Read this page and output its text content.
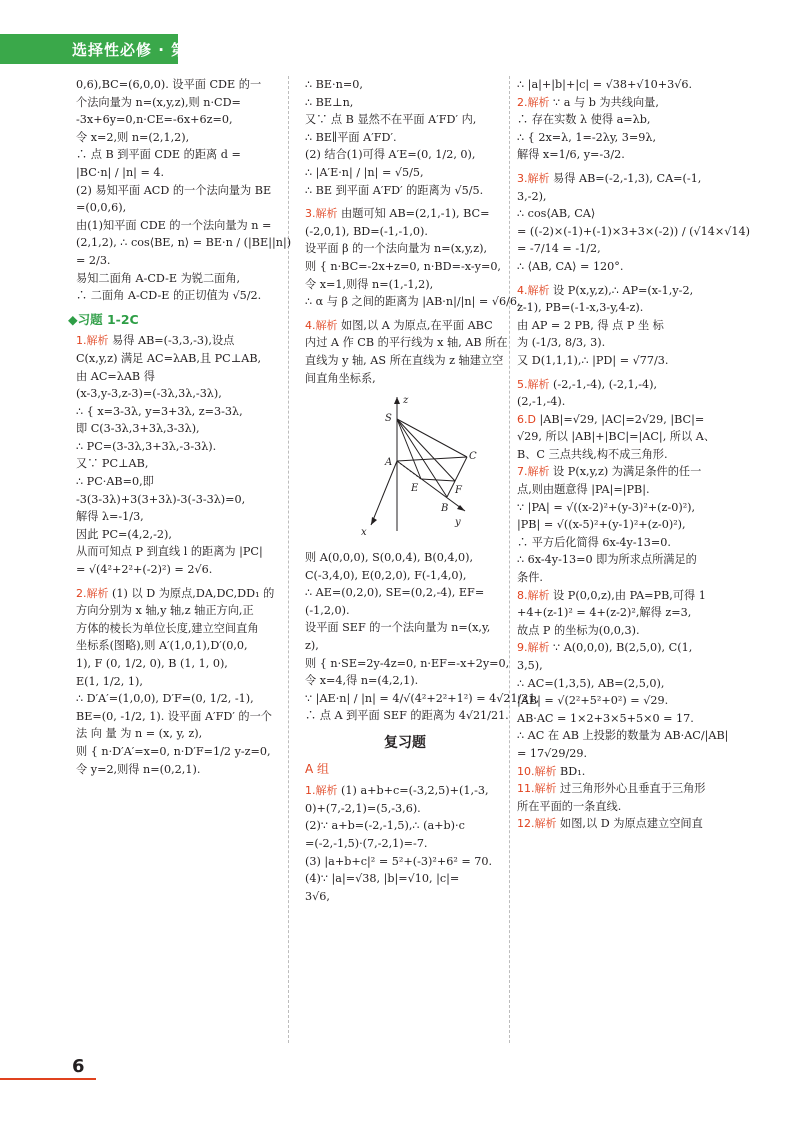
选择性必修 · 第一册
0,6),BC=(6,0,0). 设平面 CDE 的一
个法向量为 n=(x,y,z),则 n·CD=
-3x+6y=0,n·CE=-6x+6z=0,
令 x=2,则 n=(2,1,2),
∴ 点 B 到平面 CDE 的距离 d =
|BC·n| / |n| = 4.
(2) 易知平面 ACD 的一个法向量为 BE
=(0,0,6),
由(1)知平面 CDE 的一个法向量为 n =
(2,1,2), ∴ cos⟨BE, n⟩ = BE·n / (|BE||n|)
= 2/3.
易知二面角 A-CD-E 为锐二面角,
∴ 二面角 A-CD-E 的正切值为 √5/2.
◆习题 1-2C
1.解析 易得 AB=(-3,3,-3),设点
C(x,y,z) 满足 AC=λAB,且 PC⊥AB,
由 AC=λAB 得
(x-3,y-3,z-3)=(-3λ,3λ,-3λ),
∴ { x=3-3λ, y=3+3λ, z=3-3λ,
即 C(3-3λ,3+3λ,3-3λ),
∴ PC=(3-3λ,3+3λ,-3-3λ).
又∵ PC⊥AB,
∴ PC·AB=0,即
-3(3-3λ)+3(3+3λ)-3(-3-3λ)=0,
解得 λ=-1/3,
因此 PC=(4,2,-2),
从而可知点 P 到直线 l 的距离为 |PC|
= √(4²+2²+(-2)²) = 2√6.
2.解析 (1) 以 D 为原点,DA,DC,DD₁ 的
方向分别为 x 轴,y 轴,z 轴正方向,正
方体的棱长为单位长度,建立空间直角
坐标系(图略),则 A′(1,0,1),D′(0,0,
1), F (0, 1/2, 0), B (1, 1, 0),
E(1, 1/2, 1),
∴ D′A′=(1,0,0), D′F=(0, 1/2, -1),
BE=(0, -1/2, 1). 设平面 A′FD′ 的一个
法 向 量 为 n = (x, y, z),
则 { n·D′A′=x=0, n·D′F=1/2 y-z=0,
令 y=2,则得 n=(0,2,1).
∴ BE·n=0,
∴ BE⊥n,
又∵ 点 B 显然不在平面 A′FD′ 内,
∴ BE∥平面 A′FD′.
(2) 结合(1)可得 A′E=(0, 1/2, 0),
∴ |A′E·n| / |n| = √5/5,
∴ BE 到平面 A′FD′ 的距离为 √5/5.
3.解析 由题可知 AB=(2,1,-1), BC=
(-2,0,1), BD=(-1,-1,0).
设平面 β 的一个法向量为 n=(x,y,z),
则 { n·BC=-2x+z=0, n·BD=-x-y=0,
令 x=1,则得 n=(1,-1,2),
∴ α 与 β 之间的距离为 |AB·n|/|n| = √6/6.
4.解析 如图,以 A 为原点,在平面 ABC
内过 A 作 CB 的平行线为 x 轴, AB 所在
直线为 y 轴, AS 所在直线为 z 轴建立空
间直角坐标系,
z
S
A
C
E	F
B
x
y
则 A(0,0,0), S(0,0,4), B(0,4,0),
C(-3,4,0), E(0,2,0), F(-1,4,0),
∴ AE=(0,2,0), SE=(0,2,-4), EF=
(-1,2,0).
设平面 SEF 的一个法向量为 n=(x,y,
z),
则 { n·SE=2y-4z=0, n·EF=-x+2y=0,
令 x=4,得 n=(4,2,1).
∵ |AE·n| / |n| = 4/√(4²+2²+1²) = 4√21/21,
∴ 点 A 到平面 SEF 的距离为 4√21/21.
复习题
A 组
1.解析 (1) a+b+c=(-3,2,5)+(1,-3,
0)+(7,-2,1)=(5,-3,6).
(2)∵ a+b=(-2,-1,5),∴ (a+b)·c
=(-2,-1,5)·(7,-2,1)=-7.
(3) |a+b+c|² = 5²+(-3)²+6² = 70.
(4)∵ |a|=√38, |b|=√10, |c|=
3√6,
∴ |a|+|b|+|c| = √38+√10+3√6.
2.解析 ∵ a 与 b 为共线向量,
∴ 存在实数 λ 使得 a=λb,
∴ { 2x=λ, 1=-2λy, 3=9λ,
解得 x=1/6, y=-3/2.
3.解析 易得 AB=(-2,-1,3), CA=(-1,
3,-2),
∴ cos⟨AB, CA⟩
= ((-2)×(-1)+(-1)×3+3×(-2)) / (√14×√14)
= -7/14 = -1/2,
∴ ⟨AB, CA⟩ = 120°.
4.解析 设 P(x,y,z),∴ AP=(x-1,y-2,
z-1), PB=(-1-x,3-y,4-z).
由 AP = 2 PB, 得 点 P 坐 标
为 (-1/3, 8/3, 3).
又 D(1,1,1),∴ |PD| = √77/3.
5.解析 (-2,-1,-4), (-2,1,-4),
(2,-1,-4).
6.D |AB|=√29, |AC|=2√29, |BC|=
√29, 所以 |AB|+|BC|=|AC|, 所以 A、
B、C 三点共线,构不成三角形.
7.解析 设 P(x,y,z) 为满足条件的任一
点,则由题意得 |PA|=|PB|.
∵ |PA| = √((x-2)²+(y-3)²+(z-0)²),
|PB| = √((x-5)²+(y-1)²+(z-0)²),
∴ 平方后化简得 6x-4y-13=0.
∴ 6x-4y-13=0 即为所求点所满足的
条件.
8.解析 设 P(0,0,z),由 PA=PB,可得 1
+4+(z-1)² = 4+(z-2)²,解得 z=3,
故点 P 的坐标为(0,0,3).
9.解析 ∵ A(0,0,0), B(2,5,0), C(1,
3,5),
∴ AC=(1,3,5), AB=(2,5,0),
|AB| = √(2²+5²+0²) = √29.
AB·AC = 1×2+3×5+5×0 = 17.
∴ AC 在 AB 上投影的数量为 AB·AC/|AB|
= 17√29/29.
10.解析 BD₁.
11.解析 过三角形外心且垂直于三角形
所在平面的一条直线.
12.解析 如图,以 D 为原点建立空间直
6
